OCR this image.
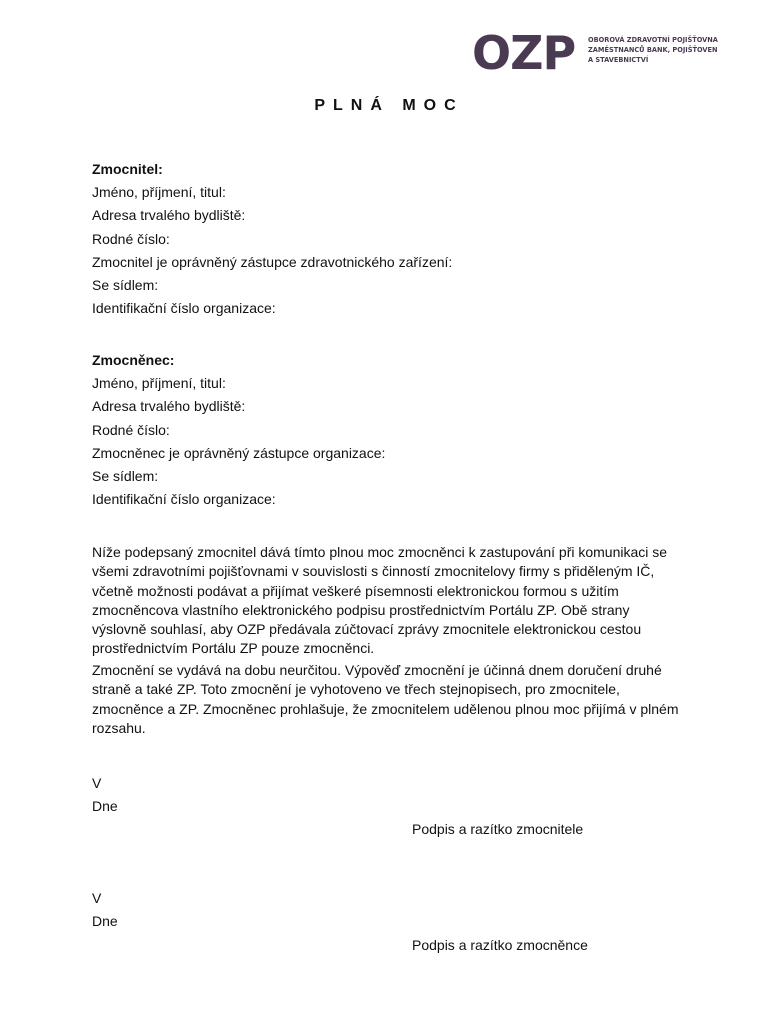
OZP OBOROVÁ ZDRAVOTNÍ POJIŠŤOVNA
ZAMĚSTNANCŮ BANK, POJIŠŤOVEN
A STAVEBNICTVÍ
PLNÁ MOC
Zmocnitel:
Jméno, příjmení, titul:
Adresa trvalého bydliště:
Rodné číslo:
Zmocnitel je oprávněný zástupce zdravotnického zařízení:
Se sídlem:
Identifikační číslo organizace:
Zmocněnec:
Jméno, příjmení, titul:
Adresa trvalého bydliště:
Rodné číslo:
Zmocněnec je oprávněný zástupce organizace:
Se sídlem:
Identifikační číslo organizace:

Níže podepsaný zmocnitel dává tímto plnou moc zmocněnci k zastupování při komunikaci se všemi zdravotními pojišťovnami v souvislosti s činností zmocnitelovy firmy s přiděleným IČ, včetně možnosti podávat a přijímat veškeré písemnosti elektronickou formou s užitím zmocněncova vlastního elektronického podpisu prostřednictvím Portálu ZP. Obě strany výslovně souhlasí, aby OZP předávala zúčtovací zprávy zmocnitele elektronickou cestou prostřednictvím Portálu ZP pouze zmocněnci.

Zmocnění se vydává na dobu neurčitou. Výpověď zmocnění je účinná dnem doručení druhé straně a také ZP. Toto zmocnění je vyhotoveno ve třech stejnopisech, pro zmocnitele, zmocněnce a ZP. Zmocněnec prohlašuje, že zmocnitelem udělenou plnou moc přijímá v plném rozsahu.

V
Dne
Podpis a razítko zmocnitele
V
Dne
Podpis a razítko zmocněnce
